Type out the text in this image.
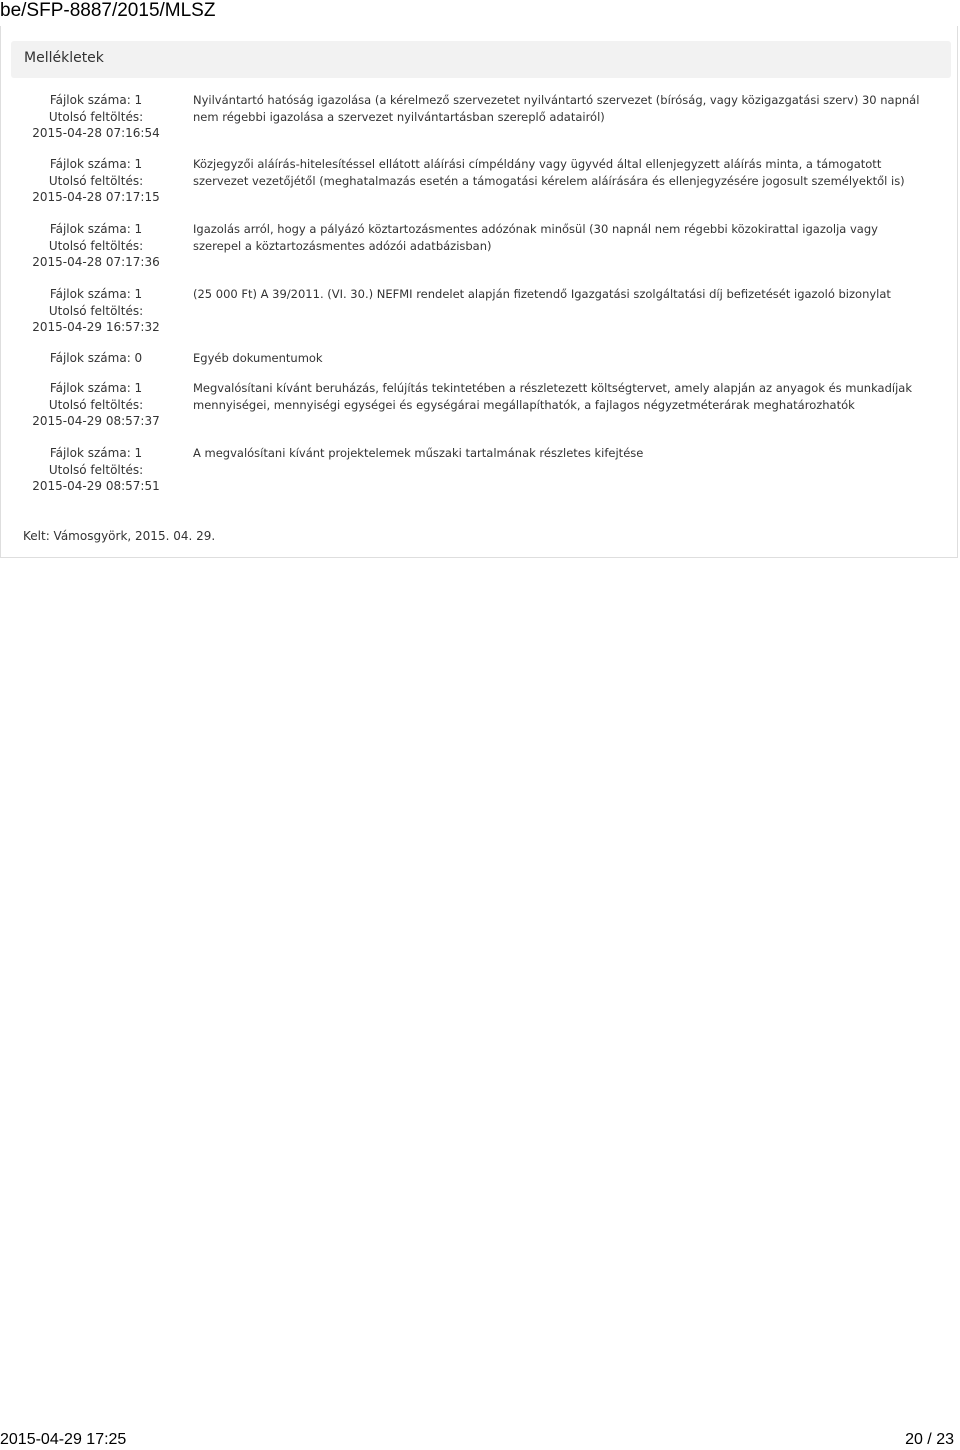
be/SFP-8887/2015/MLSZ
Mellékletek
Fájlok száma: 1
Utolsó feltöltés:
2015-04-28 07:16:54
Nyilvántartó hatóság igazolása (a kérelmező szervezetet nyilvántartó szervezet (bíróság, vagy közigazgatási szerv) 30 napnál nem régebbi igazolása a szervezet nyilvántartásban szereplő adatairól)
Fájlok száma: 1
Utolsó feltöltés:
2015-04-28 07:17:15
Közjegyzői aláírás-hitelesítéssel ellátott aláírási címpéldány vagy ügyvéd által ellenjegyzett aláírás minta, a támogatott szervezet vezetőjétől (meghatalmazás esetén a támogatási kérelem aláírására és ellenjegyzésére jogosult személyektől is)
Fájlok száma: 1
Utolsó feltöltés:
2015-04-28 07:17:36
Igazolás arról, hogy a pályázó köztartozásmentes adózónak minősül (30 napnál nem régebbi közokirattal igazolja vagy szerepel a köztartozásmentes adózói adatbázisban)
Fájlok száma: 1
Utolsó feltöltés:
2015-04-29 16:57:32
(25 000 Ft) A 39/2011. (VI. 30.) NEFMI rendelet alapján fizetendő Igazgatási szolgáltatási díj befizetését igazoló bizonylat
Fájlok száma: 0	Egyéb dokumentumok
Fájlok száma: 1
Utolsó feltöltés:
2015-04-29 08:57:37
Megvalósítani kívánt beruházás, felújítás tekintetében a részletezett költségtervet, amely alapján az anyagok és munkadíjak mennyiségei, mennyiségi egységei és egységárai megállapíthatók, a fajlagos négyzetméterárak meghatározhatók
Fájlok száma: 1
Utolsó feltöltés:
2015-04-29 08:57:51
A megvalósítani kívánt projektelemek műszaki tartalmának részletes kifejtése
Kelt: Vámosgyörk, 2015. 04. 29.
2015-04-29 17:25	20 / 23
